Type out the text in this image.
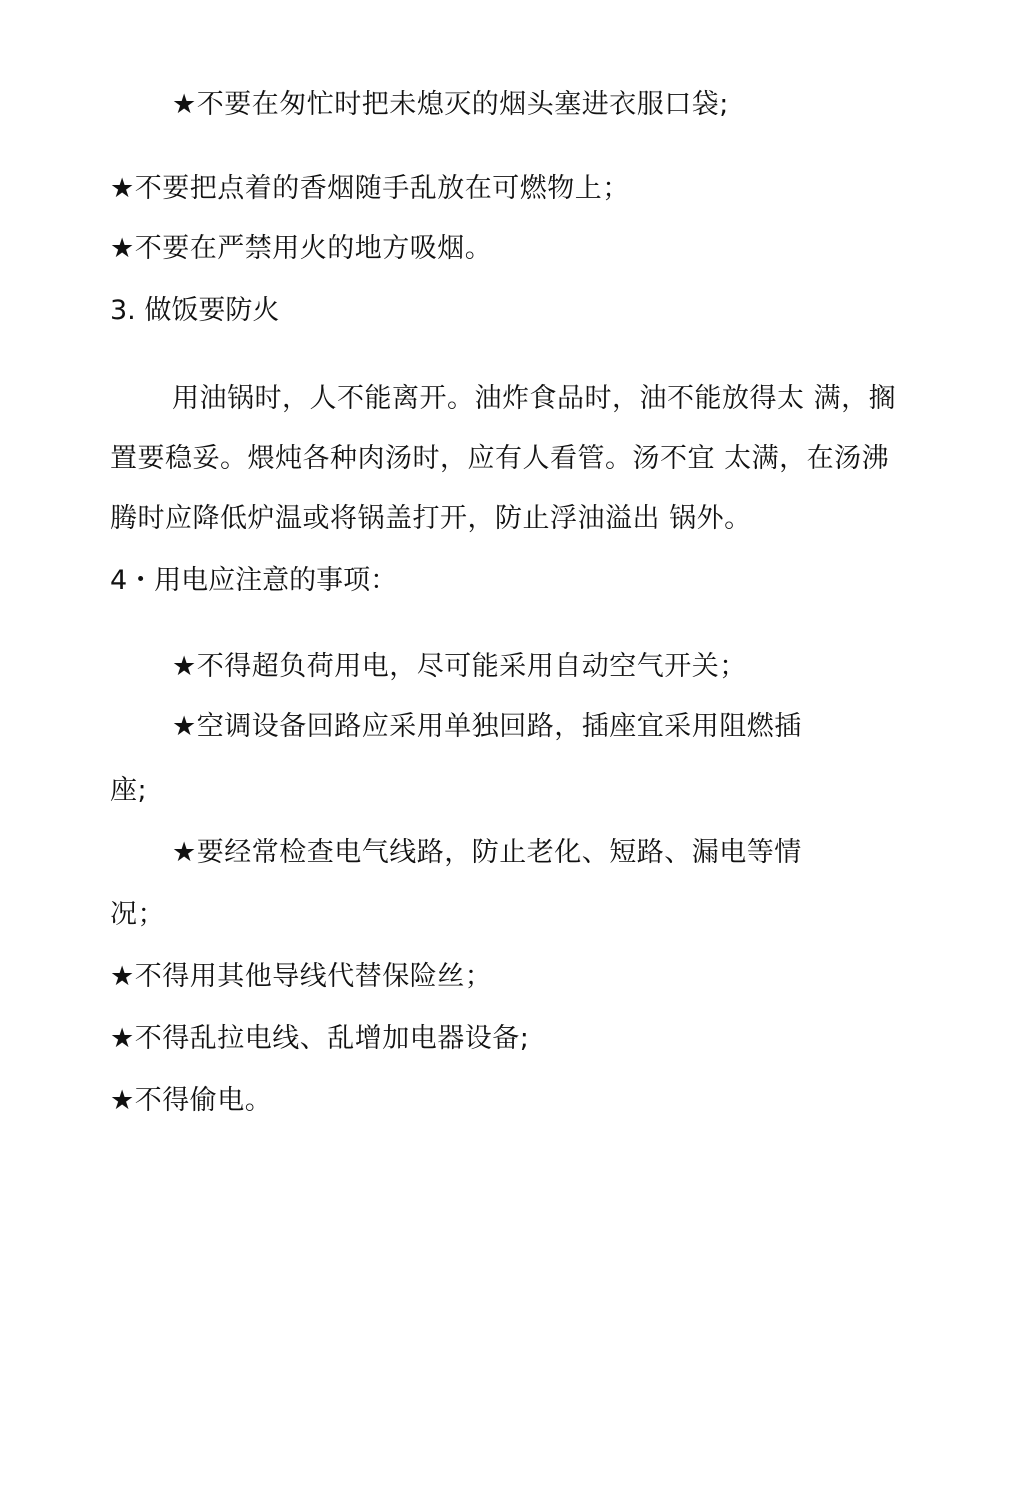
★不要在匆忙时把未熄灭的烟头塞进衣服口袋;
★不要把点着的香烟随手乱放在可燃物上；
★不要在严禁用火的地方吸烟。
3. 做饭要防火
用油锅时，人不能离开。油炸食品时，油不能放得太 满，搁
置要稳妥。煨炖各种肉汤时，应有人看管。汤不宜 太满，在汤沸
腾时应降低炉温或将锅盖打开，防止浮油溢出 锅外。
4・用电应注意的事项：
★不得超负荷用电，尽可能采用自动空气开关；
★空调设备回路应采用单独回路，插座宜采用阻燃插
座;
★要经常检查电气线路，防止老化、短路、漏电等情
况；
★不得用其他导线代替保险丝；
★不得乱拉电线、乱增加电器设备;
★不得偷电。
